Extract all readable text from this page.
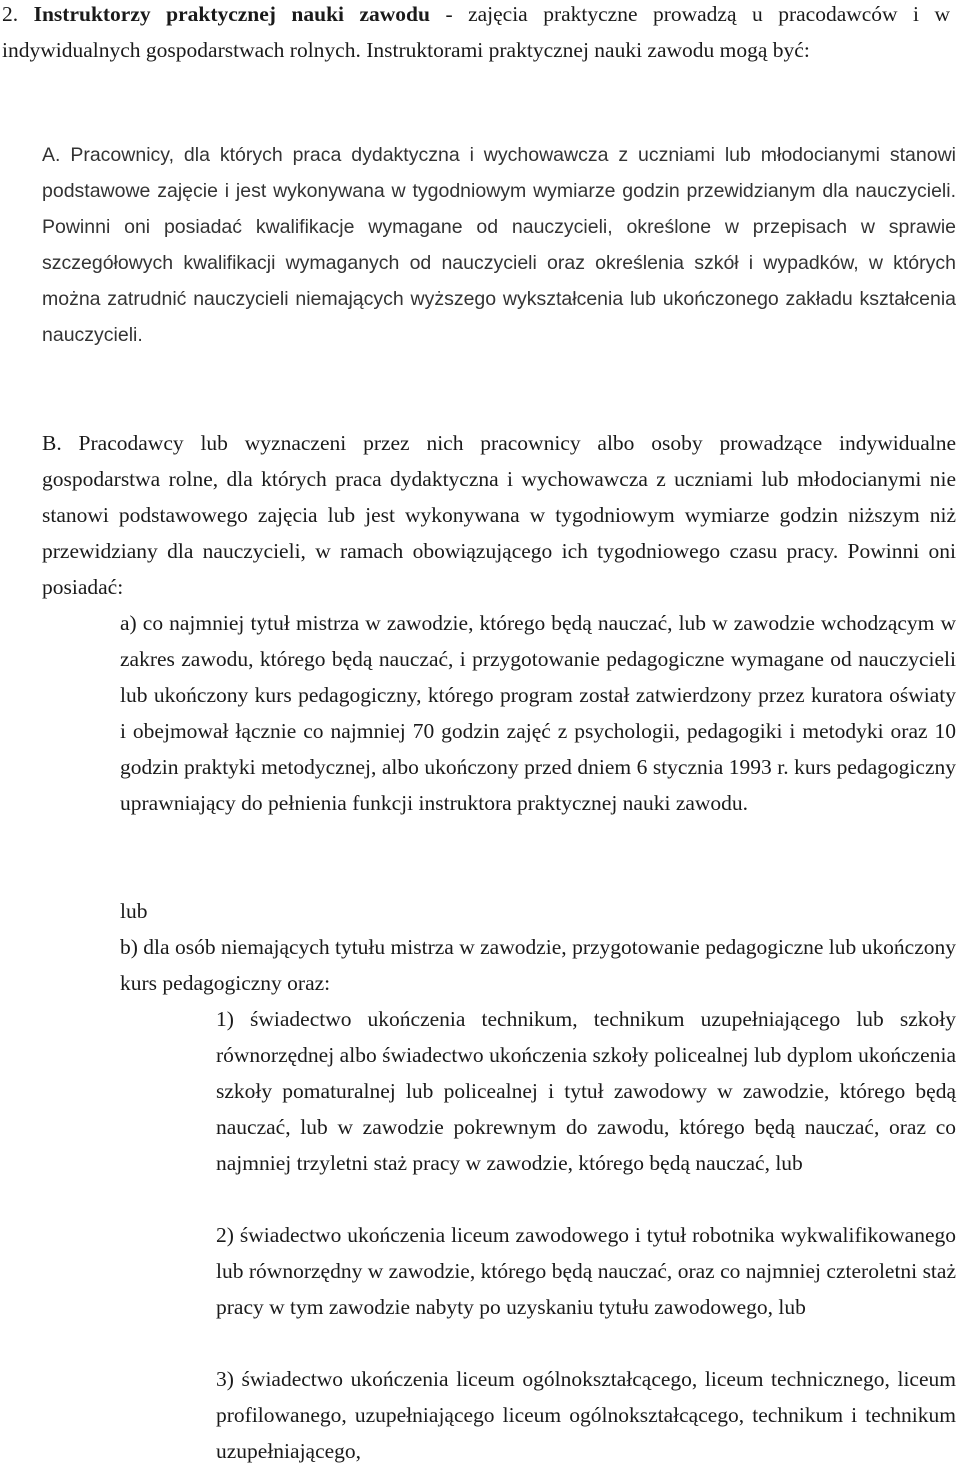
2. Instruktorzy praktycznej nauki zawodu - zajęcia praktyczne prowadzą u pracodawców i w indywidualnych gospodarstwach rolnych. Instruktorami praktycznej nauki zawodu mogą być:

A. Pracownicy, dla których praca dydaktyczna i wychowawcza z uczniami lub młodocianymi stanowi podstawowe zajęcie i jest wykonywana w tygodniowym wymiarze godzin przewidzianym dla nauczycieli. Powinni oni posiadać kwalifikacje wymagane od nauczycieli, określone w przepisach w sprawie szczegółowych kwalifikacji wymaganych od nauczycieli oraz określenia szkół i wypadków, w których można zatrudnić nauczycieli niemających wyższego wykształcenia lub ukończonego zakładu kształcenia nauczycieli.

B. Pracodawcy lub wyznaczeni przez nich pracownicy albo osoby prowadzące indywidualne gospodarstwa rolne, dla których praca dydaktyczna i wychowawcza z uczniami lub młodocianymi nie stanowi podstawowego zajęcia lub jest wykonywana w tygodniowym wymiarze godzin niższym niż przewidziany dla nauczycieli, w ramach obowiązującego ich tygodniowego czasu pracy. Powinni oni posiadać:

a) co najmniej tytuł mistrza w zawodzie, którego będą nauczać, lub w zawodzie wchodzącym w zakres zawodu, którego będą nauczać, i przygotowanie pedagogiczne wymagane od nauczycieli lub ukończony kurs pedagogiczny, którego program został zatwierdzony przez kuratora oświaty i obejmował łącznie co najmniej 70 godzin zajęć z psychologii, pedagogiki i metodyki oraz 10 godzin praktyki metodycznej, albo ukończony przed dniem 6 stycznia 1993 r. kurs pedagogiczny uprawniający do pełnienia funkcji instruktora praktycznej nauki zawodu.

lub

b) dla osób niemających tytułu mistrza w zawodzie, przygotowanie pedagogiczne lub ukończony kurs pedagogiczny oraz:

1) świadectwo ukończenia technikum, technikum uzupełniającego lub szkoły równorzędnej albo świadectwo ukończenia szkoły policealnej lub dyplom ukończenia szkoły pomaturalnej lub policealnej i tytuł zawodowy w zawodzie, którego będą nauczać, lub w zawodzie pokrewnym do zawodu, którego będą nauczać, oraz co najmniej trzyletni staż pracy w zawodzie, którego będą nauczać, lub

2) świadectwo ukończenia liceum zawodowego i tytuł robotnika wykwalifikowanego lub równorzędny w zawodzie, którego będą nauczać, oraz co najmniej czteroletni staż pracy w tym zawodzie nabyty po uzyskaniu tytułu zawodowego, lub

3) świadectwo ukończenia liceum ogólnokształcącego, liceum technicznego, liceum profilowanego, uzupełniającego liceum ogólnokształcącego, technikum i technikum uzupełniającego,
